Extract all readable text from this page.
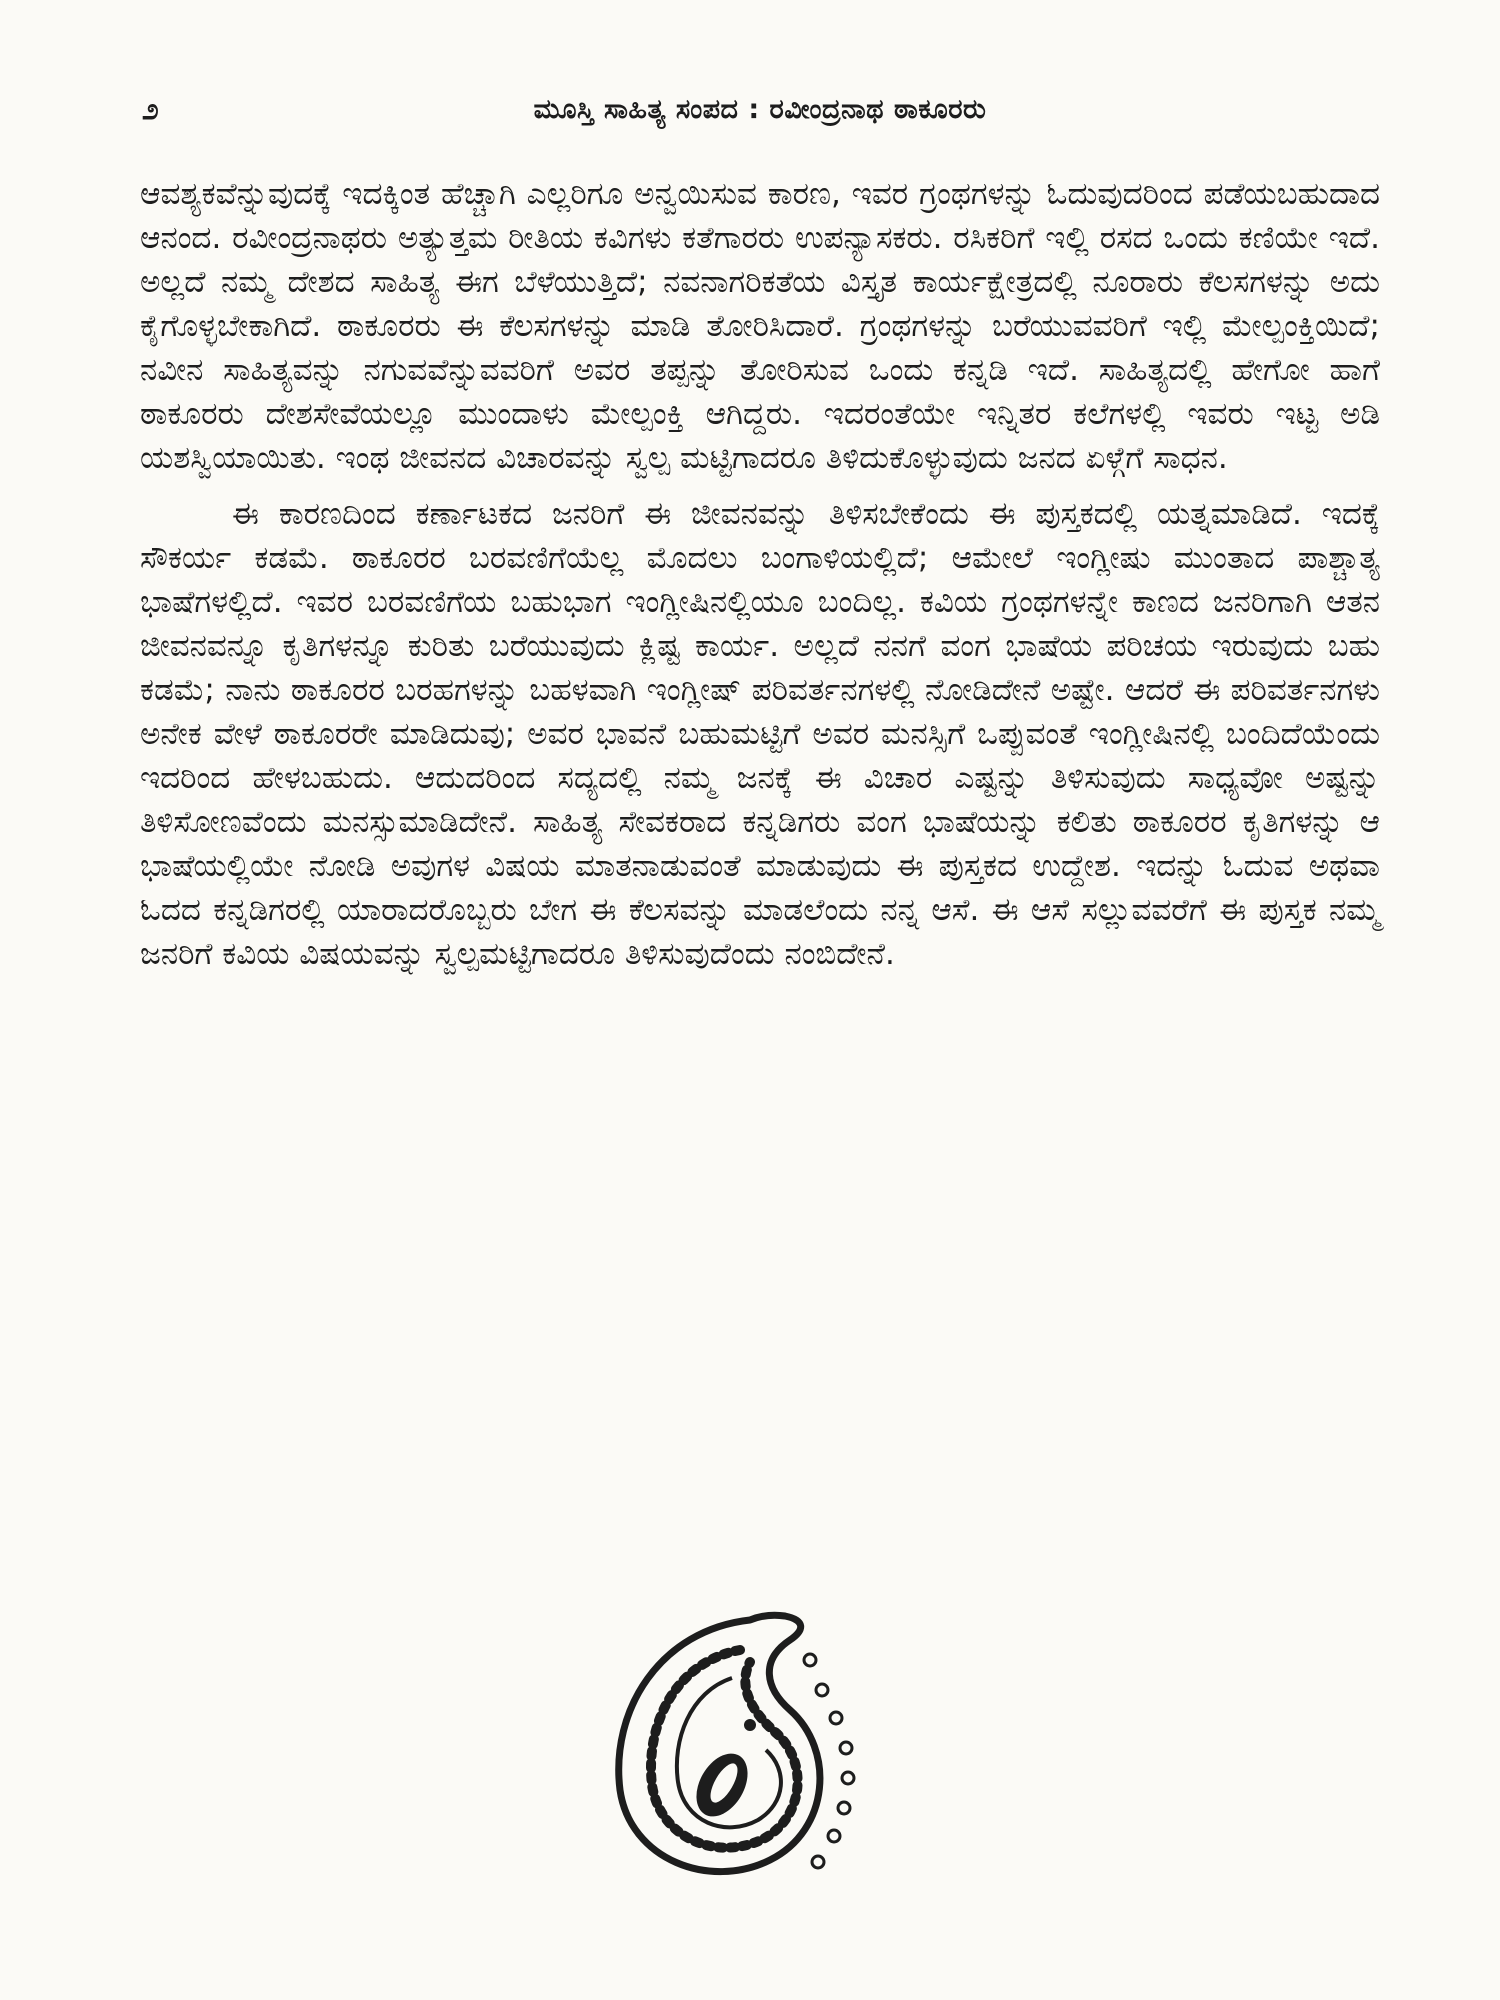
೨	ಮೂಸ್ತಿ ಸಾಹಿತ್ಯ ಸಂಪದ : ರವೀಂದ್ರನಾಥ ಠಾಕೂರರು

ಆವಶ್ಯಕವೆನ್ನುವುದಕ್ಕೆ ಇದಕ್ಕಿಂತ ಹೆಚ್ಚಾಗಿ ಎಲ್ಲರಿಗೂ ಅನ್ವಯಿಸುವ ಕಾರಣ, ಇವರ ಗ್ರಂಥಗಳನ್ನು ಓದುವುದರಿಂದ ಪಡೆಯಬಹುದಾದ ಆನಂದ. ರವೀಂದ್ರನಾಥರು ಅತ್ಯುತ್ತಮ ರೀತಿಯ ಕವಿಗಳು ಕತೆಗಾರರು ಉಪನ್ಯಾಸಕರು. ರಸಿಕರಿಗೆ ಇಲ್ಲಿ ರಸದ ಒಂದು ಕಣಿಯೇ ಇದೆ. ಅಲ್ಲದೆ ನಮ್ಮ ದೇಶದ ಸಾಹಿತ್ಯ ಈಗ ಬೆಳೆಯುತ್ತಿದೆ; ನವನಾಗರಿಕತೆಯ ವಿಸ್ತೃತ ಕಾರ್ಯಕ್ಷೇತ್ರದಲ್ಲಿ ನೂರಾರು ಕೆಲಸಗಳನ್ನು ಅದು ಕೈಗೊಳ್ಳಬೇಕಾಗಿದೆ. ಠಾಕೂರರು ಈ ಕೆಲಸಗಳನ್ನು ಮಾಡಿ ತೋರಿಸಿದಾರೆ. ಗ್ರಂಥಗಳನ್ನು ಬರೆಯುವವರಿಗೆ ಇಲ್ಲಿ ಮೇಲ್ಪಂಕ್ತಿಯಿದೆ; ನವೀನ ಸಾಹಿತ್ಯವನ್ನು ನಗುವವೆನ್ನುವವರಿಗೆ ಅವರ ತಪ್ಪನ್ನು ತೋರಿಸುವ ಒಂದು ಕನ್ನಡಿ ಇದೆ. ಸಾಹಿತ್ಯದಲ್ಲಿ ಹೇಗೋ ಹಾಗೆ ಠಾಕೂರರು ದೇಶಸೇವೆಯಲ್ಲೂ ಮುಂದಾಳು ಮೇಲ್ಪಂಕ್ತಿ ಆಗಿದ್ದರು. ಇದರಂತೆಯೇ ಇನ್ನಿತರ ಕಲೆಗಳಲ್ಲಿ ಇವರು ಇಟ್ಟ ಅಡಿ ಯಶಸ್ವಿಯಾಯಿತು. ಇಂಥ ಜೀವನದ ವಿಚಾರವನ್ನು ಸ್ವಲ್ಪ ಮಟ್ಟಿಗಾದರೂ ತಿಳಿದುಕೊಳ್ಳುವುದು ಜನದ ಏಳ್ಗೆಗೆ ಸಾಧನ.

ಈ ಕಾರಣದಿಂದ ಕರ್ಣಾಟಕದ ಜನರಿಗೆ ಈ ಜೀವನವನ್ನು ತಿಳಿಸಬೇಕೆಂದು ಈ ಪುಸ್ತಕದಲ್ಲಿ ಯತ್ನಮಾಡಿದೆ. ಇದಕ್ಕೆ ಸೌಕರ್ಯ ಕಡಮೆ. ಠಾಕೂರರ ಬರವಣಿಗೆಯೆಲ್ಲ ಮೊದಲು ಬಂಗಾಳಿಯಲ್ಲಿದೆ; ಆಮೇಲೆ ಇಂಗ್ಲೀಷು ಮುಂತಾದ ಪಾಶ್ಚಾತ್ಯ ಭಾಷೆಗಳಲ್ಲಿದೆ. ಇವರ ಬರವಣಿಗೆಯ ಬಹುಭಾಗ ಇಂಗ್ಲೀಷಿನಲ್ಲಿಯೂ ಬಂದಿಲ್ಲ. ಕವಿಯ ಗ್ರಂಥಗಳನ್ನೇ ಕಾಣದ ಜನರಿಗಾಗಿ ಆತನ ಜೀವನವನ್ನೂ ಕೃತಿಗಳನ್ನೂ ಕುರಿತು ಬರೆಯುವುದು ಕ್ಲಿಷ್ಟ ಕಾರ್ಯ. ಅಲ್ಲದೆ ನನಗೆ ವಂಗ ಭಾಷೆಯ ಪರಿಚಯ ಇರುವುದು ಬಹು ಕಡಮೆ; ನಾನು ಠಾಕೂರರ ಬರಹಗಳನ್ನು ಬಹಳವಾಗಿ ಇಂಗ್ಲೀಷ್ ಪರಿವರ್ತನಗಳಲ್ಲಿ ನೋಡಿದೇನೆ ಅಷ್ಟೇ. ಆದರೆ ಈ ಪರಿವರ್ತನಗಳು ಅನೇಕ ವೇಳೆ ಠಾಕೂರರೇ ಮಾಡಿದುವು; ಅವರ ಭಾವನೆ ಬಹುಮಟ್ಟಿಗೆ ಅವರ ಮನಸ್ಸಿಗೆ ಒಪ್ಪುವಂತೆ ಇಂಗ್ಲೀಷಿನಲ್ಲಿ ಬಂದಿದೆಯೆಂದು ಇದರಿಂದ ಹೇಳಬಹುದು. ಆದುದರಿಂದ ಸದ್ಯದಲ್ಲಿ ನಮ್ಮ ಜನಕ್ಕೆ ಈ ವಿಚಾರ ಎಷ್ಟನ್ನು ತಿಳಿಸುವುದು ಸಾಧ್ಯವೋ ಅಷ್ಟನ್ನು ತಿಳಿಸೋಣವೆಂದು ಮನಸ್ಸುಮಾಡಿದೇನೆ. ಸಾಹಿತ್ಯ ಸೇವಕರಾದ ಕನ್ನಡಿಗರು ವಂಗ ಭಾಷೆಯನ್ನು ಕಲಿತು ಠಾಕೂರರ ಕೃತಿಗಳನ್ನು ಆ ಭಾಷೆಯಲ್ಲಿಯೇ ನೋಡಿ ಅವುಗಳ ವಿಷಯ ಮಾತನಾಡುವಂತೆ ಮಾಡುವುದು ಈ ಪುಸ್ತಕದ ಉದ್ದೇಶ. ಇದನ್ನು ಓದುವ ಅಥವಾ ಓದದ ಕನ್ನಡಿಗರಲ್ಲಿ ಯಾರಾದರೊಬ್ಬರು ಬೇಗ ಈ ಕೆಲಸವನ್ನು ಮಾಡಲೆಂದು ನನ್ನ ಆಸೆ. ಈ ಆಸೆ ಸಲ್ಲುವವರೆಗೆ ಈ ಪುಸ್ತಕ ನಮ್ಮ ಜನರಿಗೆ ಕವಿಯ ವಿಷಯವನ್ನು ಸ್ವಲ್ಪಮಟ್ಟಿಗಾದರೂ ತಿಳಿಸುವುದೆಂದು ನಂಬಿದೇನೆ.
